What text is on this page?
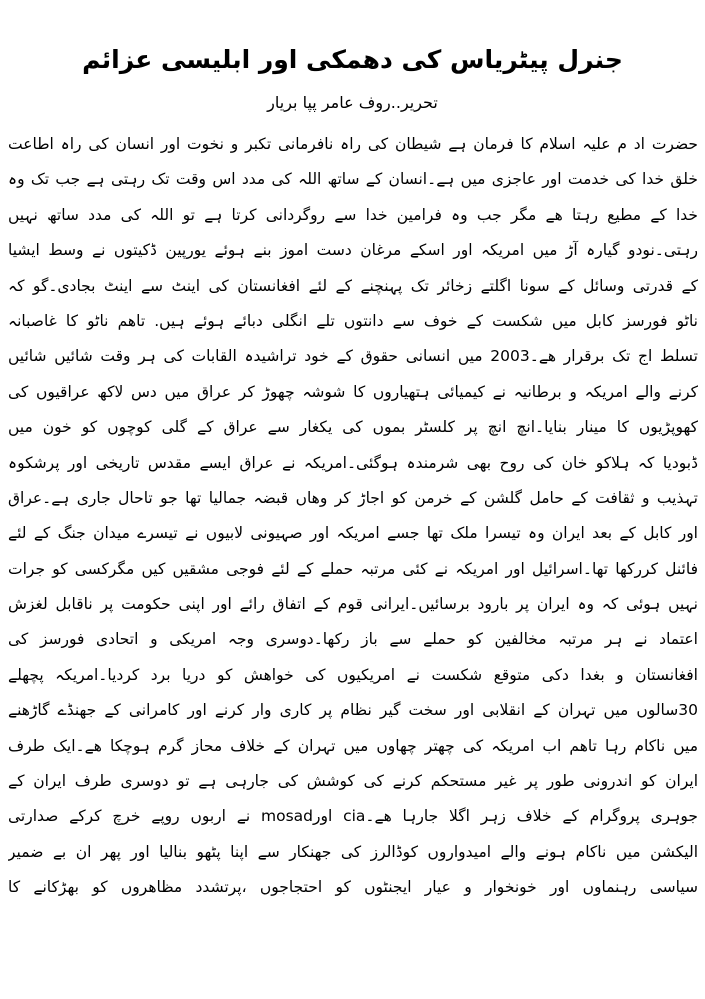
جنرل پیٹریاس کی دھمکی اور ابلیسی عزائم
تحریر..روف عامر پپا بریار
حضرت اد م علیہ اسلام کا فرمان ہے شیطان کی راہ نافرمانی تکبر و نخوت اور انسان کی راہ اطاعت
خلق خدا کی خدمت اور عاجزی میں ہے۔انسان کے ساتھ اللہ کی مدد اس وقت تک رہتی ہے جب تک وہ
خدا کے مطیع رہتا ھے مگر جب وہ فرامین خدا سے روگردانی کرتا ہے تو اللہ کی مدد ساتھ نہیں
رہتی۔نودو گیارہ آڑ میں امریکہ اور اسکے مرغان دست اموز بنے ہوئے یورپین ڈکیتوں نے وسط ایشیا
کے قدرتی وسائل کے سونا اگلتے زخائر تک پہنچنے کے لئے افغانستان کی اینٹ سے اینٹ بجادی۔گو کہ
ناٹو فورسز کابل میں شکست کے خوف سے دانتوں تلے انگلی دبائے ہوئے ہیں. تاھم ناٹو کا غاصبانہ
تسلط اج تک برقرار ھے۔2003 میں انسانی حقوق کے خود تراشیدہ القابات کی ہر وقت شائیں شائیں
کرنے والے امریکہ و برطانیہ نے کیمیائی ہتھیاروں کا شوشہ چھوڑ کر عراق میں دس لاکھ عراقیوں کی
کھوپڑیوں کا مینار بنایا۔انچ انچ پر کلسٹر بموں کی یکغار سے عراق کے گلی کوچوں کو خون میں
ڈبودیا کہ ہلاکو خان کی روح بھی شرمندہ ہوگئی۔امریکہ نے عراق ایسے مقدس تاریخی اور پرشکوہ
تہذیب و ثقافت کے حامل گلشن کے خرمن کو اجاڑ کر وھاں قبضہ جمالیا تھا جو تاحال جاری ہے۔عراق
اور کابل کے بعد ایران وہ تیسرا ملک تھا جسے امریکہ اور صہیونی لابیوں نے تیسرے میدان جنگ کے لئے
فائنل کررکھا تھا۔اسرائیل اور امریکہ نے کئی مرتبہ حملے کے لئے فوجی مشقیں کیں مگرکسی کو جرات
نہیں ہوئی کہ وہ ایران پر بارود برسائیں۔ایرانی قوم کے اتفاق رائے اور اپنی حکومت پر ناقابل لغزش
اعتماد نے ہر مرتبہ مخالفین کو حملے سے باز رکھا۔دوسری وجہ امریکی و اتحادی فورسز کی
افغانستان و بغدا دکی متوقع شکست نے امریکیوں کی خواھش کو دریا برد کردیا۔امریکہ پچھلے
30سالوں میں تہران کے انقلابی اور سخت گیر نظام پر کاری وار کرنے اور کامرانی کے جھنڈے گاڑھنے
میں ناکام رہا تاھم اب امریکہ کی چھتر چھاوں میں تہران کے خلاف محاز گرم ہوچکا ھے۔ایک طرف
ایران کو اندرونی طور پر غیر مستحکم کرنے کی کوشش کی جارہی ہے تو دوسری طرف ایران کے
جوہری پروگرام کے خلاف زہر اگلا جارہا ھے۔cia اورmosad نے اربوں روپے خرچ کرکے صدارتی
الیکشن میں ناکام ہونے والے امیدواروں کوڈالرز کی جھنکار سے اپنا پٹھو بنالیا اور پھر ان بے ضمیر
سیاسی رہنماوں اور خونخوار و عیار ایجنٹوں کو احتجاجوں ،پرتشدد مظاھروں کو بھڑکانے کا
